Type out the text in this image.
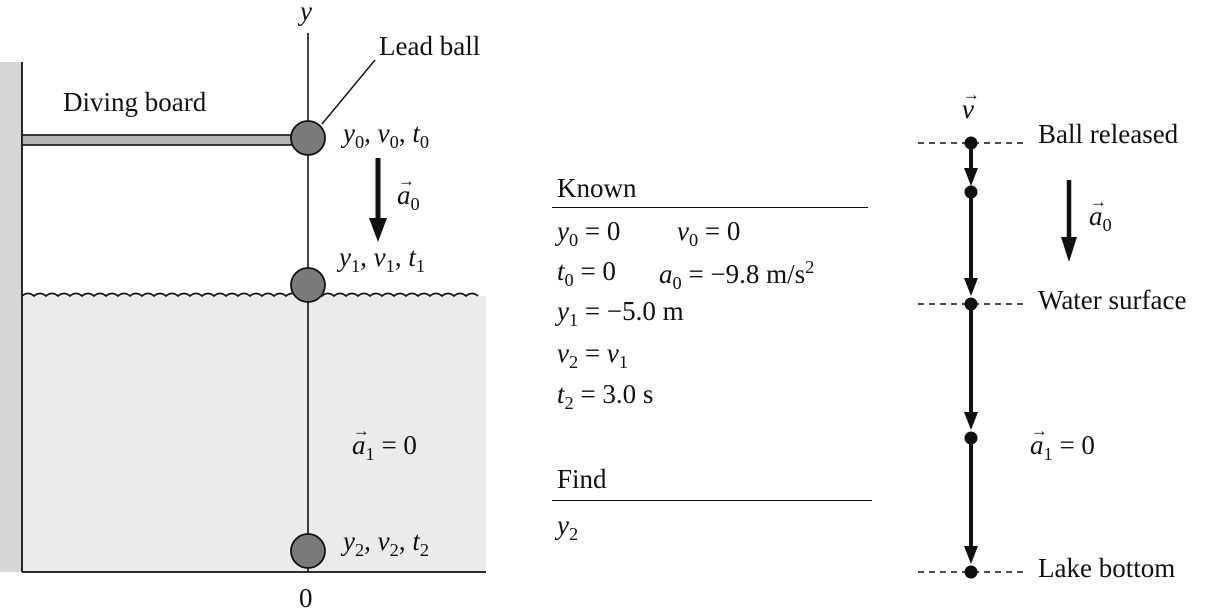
y
Lead ball
Diving board
0
$y_0$, $v_0$, $t_0$
$y_1$, $v_1$, $t_1$
$y_2$, $v_2$, $t_2$
→ $a_0$
→ $a_1 = 0$
Known
$y_0 = 0$ $v_0 = 0$
$t_0 = 0$ $a_0 = -9.8$ $m/s^2$
$y_1 = -5.0$ m
$v_2 = v_1$
$t_2 = 3.0$ s
Find
$y_2$
→ v
→ $a_0$
→ $a_1 = 0$
Ball released
Water surface
Lake bottom
